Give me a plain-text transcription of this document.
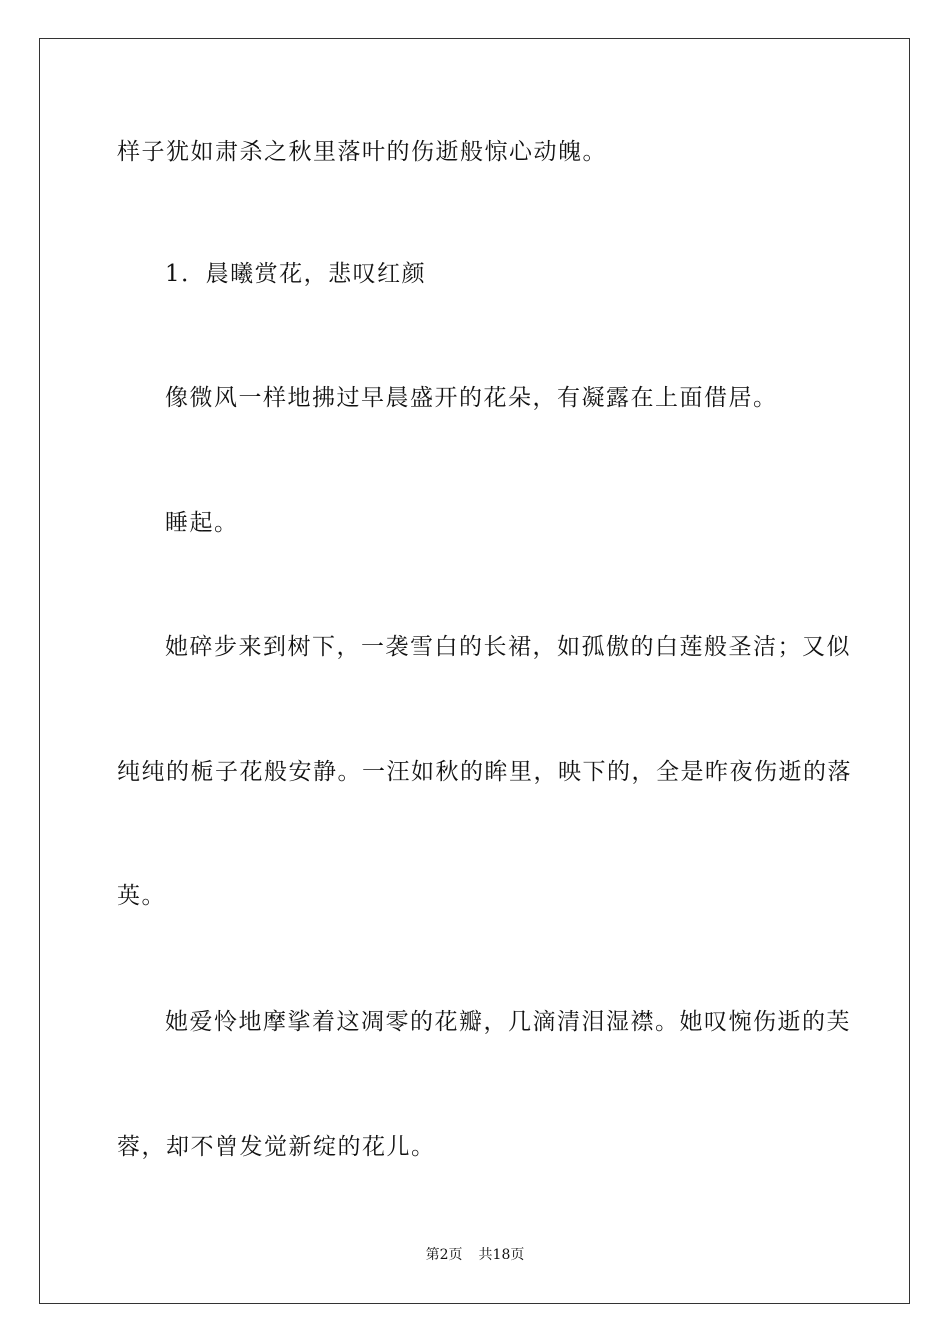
样子犹如肃杀之秋里落叶的伤逝般惊心动魄。
1．晨曦赏花，悲叹红颜
像微风一样地拂过早晨盛开的花朵，有凝露在上面借居。
睡起。
她碎步来到树下，一袭雪白的长裙，如孤傲的白莲般圣洁；又似
纯纯的栀子花般安静。一汪如秋的眸里，映下的，全是昨夜伤逝的落
英。
她爱怜地摩挲着这凋零的花瓣，几滴清泪湿襟。她叹惋伤逝的芙
蓉，却不曾发觉新绽的花儿。
第2页 共18页
